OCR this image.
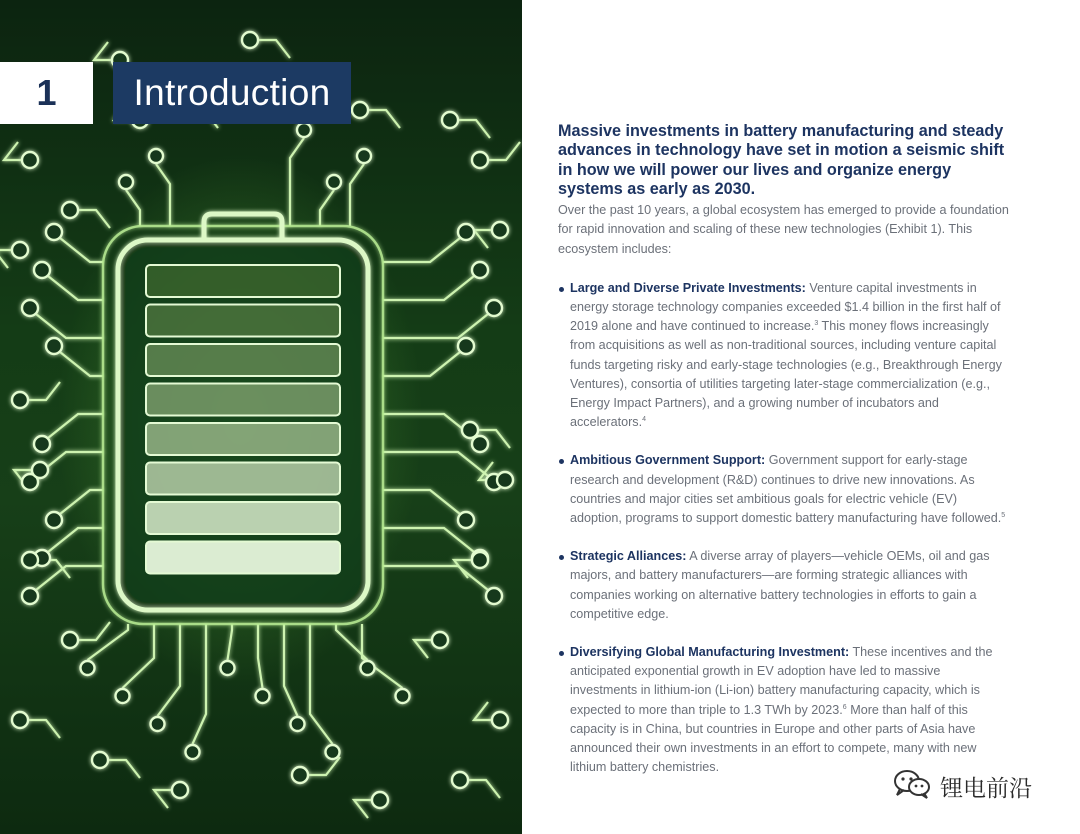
1	Introduction

Massive investments in battery manufacturing and steady advances in technology have set in motion a seismic shift in how we will power our lives and organize energy systems as early as 2030.

Over the past 10 years, a global ecosystem has emerged to provide a foundation for rapid innovation and scaling of these new technologies (Exhibit 1). This ecosystem includes:

Large and Diverse Private Investments: Venture capital investments in energy storage technology companies exceeded $1.4 billion in the first half of 2019 alone and have continued to increase.$^3$ This money flows increasingly from acquisitions as well as non-traditional sources, including venture capital funds targeting risky and early-stage technologies (e.g., Breakthrough Energy Ventures), consortia of utilities targeting later-stage commercialization (e.g., Energy Impact Partners), and a growing number of incubators and accelerators.$^4$
Ambitious Government Support: Government support for early-stage research and development (R&D) continues to drive new innovations. As countries and major cities set ambitious goals for electric vehicle (EV) adoption, programs to support domestic battery manufacturing have followed.$^5$
Strategic Alliances: A diverse array of players—vehicle OEMs, oil and gas majors, and battery manufacturers—are forming strategic alliances with companies working on alternative battery technologies in efforts to gain a competitive edge.
Diversifying Global Manufacturing Investment: These incentives and the anticipated exponential growth in EV adoption have led to massive investments in lithium-ion (Li-ion) battery manufacturing capacity, which is expected to more than triple to 1.3 TWh by 2023.$^6$ More than half of this capacity is in China, but countries in Europe and other parts of Asia have announced their own investments in an effort to compete, many with new lithium battery chemistries.
锂电前沿
